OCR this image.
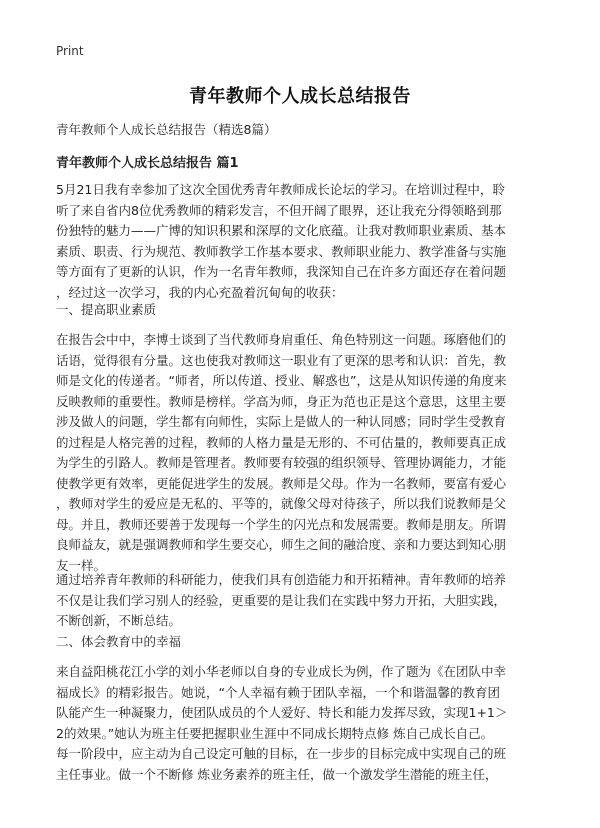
Print
青年教师个人成长总结报告
青年教师个人成长总结报告（精选8篇）
青年教师个人成长总结报告 篇1
5月21日我有幸参加了这次全国优秀青年教师成长论坛的学习。在培训过程中，聆
听了来自省内8位优秀教师的精彩发言，不但开阔了眼界，还让我充分得领略到那
份独特的魅力——广博的知识积累和深厚的文化底蕴。让我对教师职业素质、基本
素质、职责、行为规范、教师教学工作基本要求、教师职业能力、教学准备与实施
等方面有了更新的认识，作为一名青年教师，我深知自己在许多方面还存在着问题
，经过这一次学习，我的内心充盈着沉甸甸的收获：
一、提高职业素质
在报告会中中，李博士谈到了当代教师身肩重任、角色特别这一问题。琢磨他们的
话语，觉得很有分量。这也使我对教师这一职业有了更深的思考和认识：首先，教
师是文化的传递者。“师者，所以传道、授业、解惑也”，这是从知识传递的角度来
反映教师的重要性。教师是榜样。学高为师，身正为范也正是这个意思，这里主要
涉及做人的问题，学生都有向师性，实际上是做人的一种认同感；同时学生受教育
的过程是人格完善的过程，教师的人格力量是无形的、不可估量的，教师要真正成
为学生的引路人。教师是管理者。教师要有较强的组织领导、管理协调能力，才能
使教学更有效率，更能促进学生的发展。教师是父母。作为一名教师，要富有爱心
，教师对学生的爱应是无私的、平等的，就像父母对待孩子，所以我们说教师是父
母。并且，教师还要善于发现每一个学生的闪光点和发展需要。教师是朋友。所谓
良师益友，就是强调教师和学生要交心，师生之间的融洽度、亲和力要达到知心朋
友一样。
通过培养青年教师的科研能力，使我们具有创造能力和开拓精神。青年教师的培养
不仅是让我们学习别人的经验，更重要的是让我们在实践中努力开拓，大胆实践，
不断创新，不断总结。
二、体会教育中的幸福
来自益阳桃花江小学的刘小华老师以自身的专业成长为例，作了题为《在团队中幸
福成长》的精彩报告。她说，“个人幸福有赖于团队幸福，一个和谐温馨的教育团
队能产生一种凝聚力，使团队成员的个人爱好、特长和能力发挥尽致，实现1+1＞
2的效果。”她认为班主任要把握职业生涯中不同成长期特点修 炼自己成长自己。
每一阶段中，应主动为自己设定可触的目标，在一步步的目标完成中实现自己的班
主任事业。做一个不断修 炼业务素养的班主任，做一个激发学生潜能的班主任，
